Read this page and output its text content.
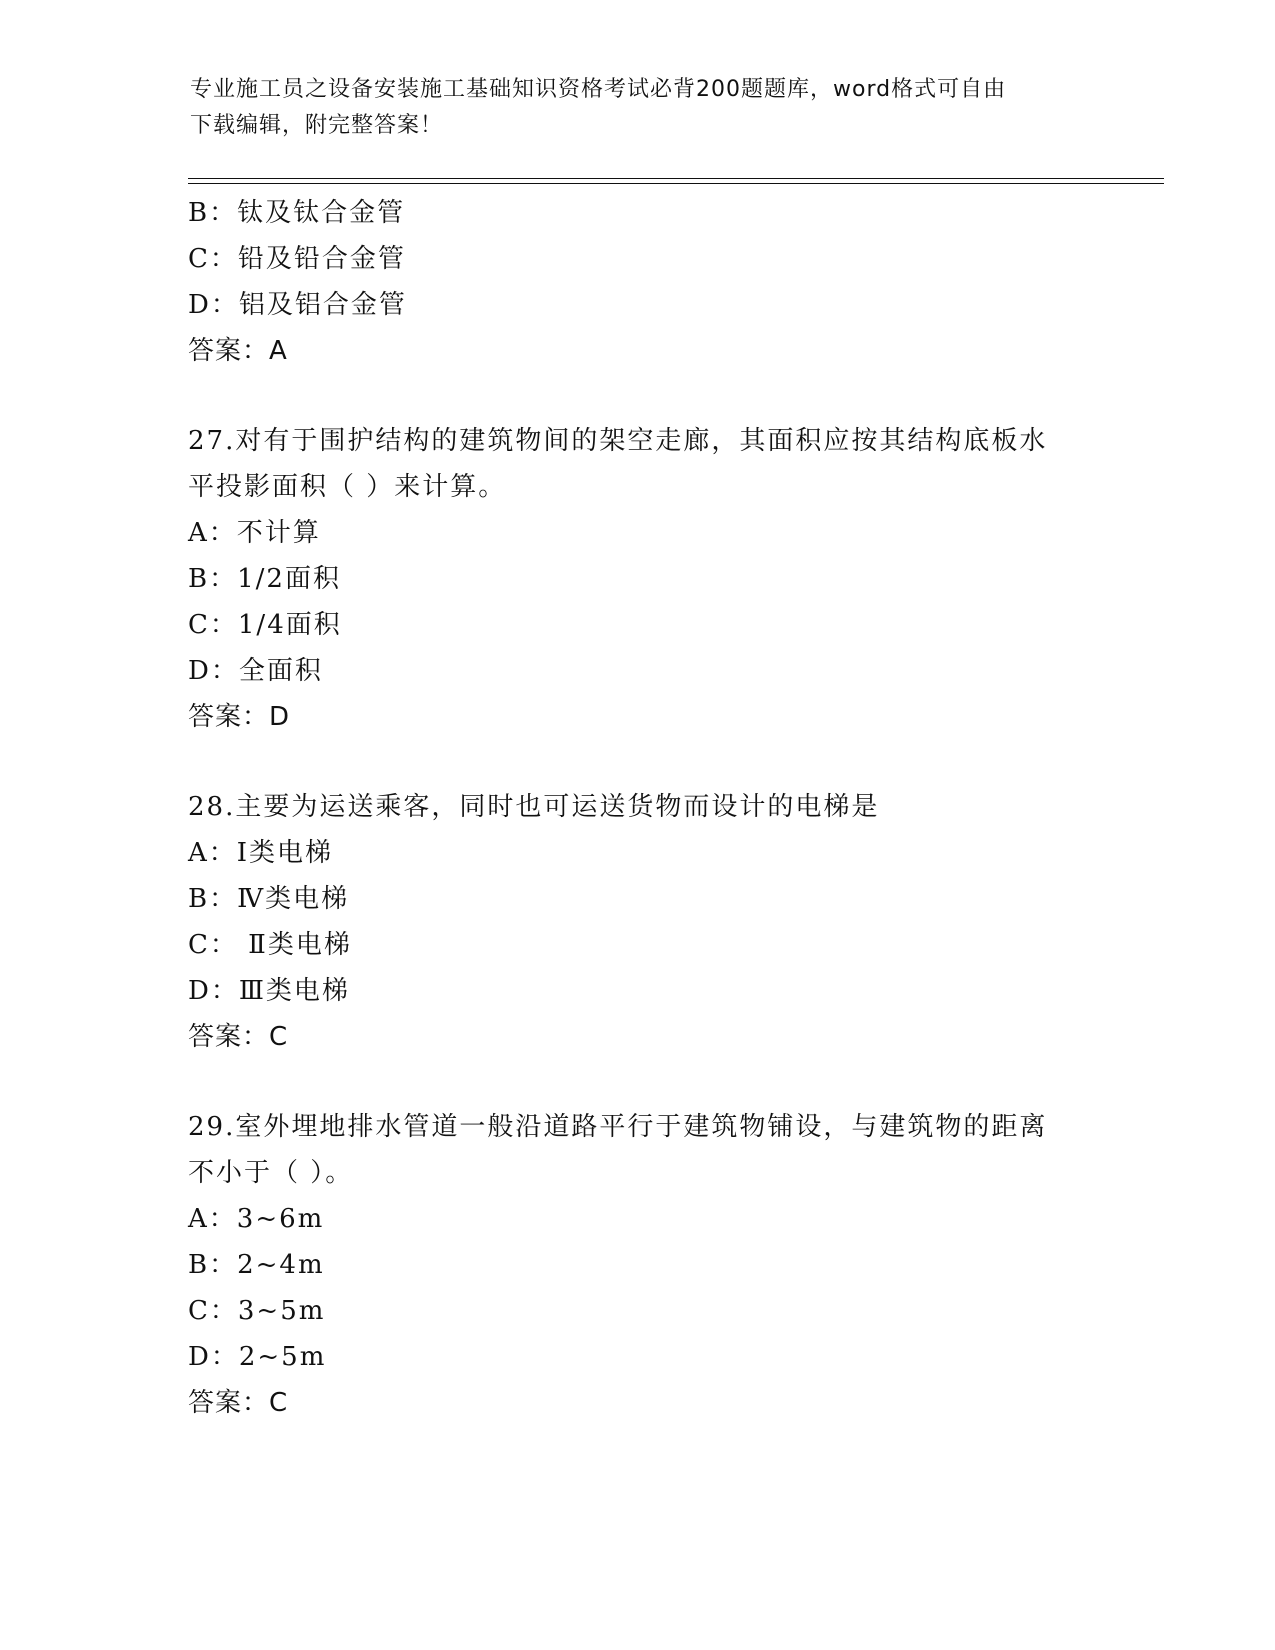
专业施工员之设备安装施工基础知识资格考试必背200题题库，word格式可自由
下载编辑，附完整答案！
B：钛及钛合金管
C：铅及铅合金管
D：铝及铝合金管
答案：A
27.对有于围护结构的建筑物间的架空走廊，其面积应按其结构底板水
平投影面积（ ）来计算。
A：不计算
B：1/2面积
C：1/4面积
D：全面积
答案：D
28.主要为运送乘客，同时也可运送货物而设计的电梯是
A：Ⅰ类电梯
B：Ⅳ类电梯
C： Ⅱ类电梯
D：Ⅲ类电梯
答案：C
29.室外埋地排水管道一般沿道路平行于建筑物铺设，与建筑物的距离
不小于（ ）。
A：3~6m
B：2~4m
C：3~5m
D：2~5m
答案：C
